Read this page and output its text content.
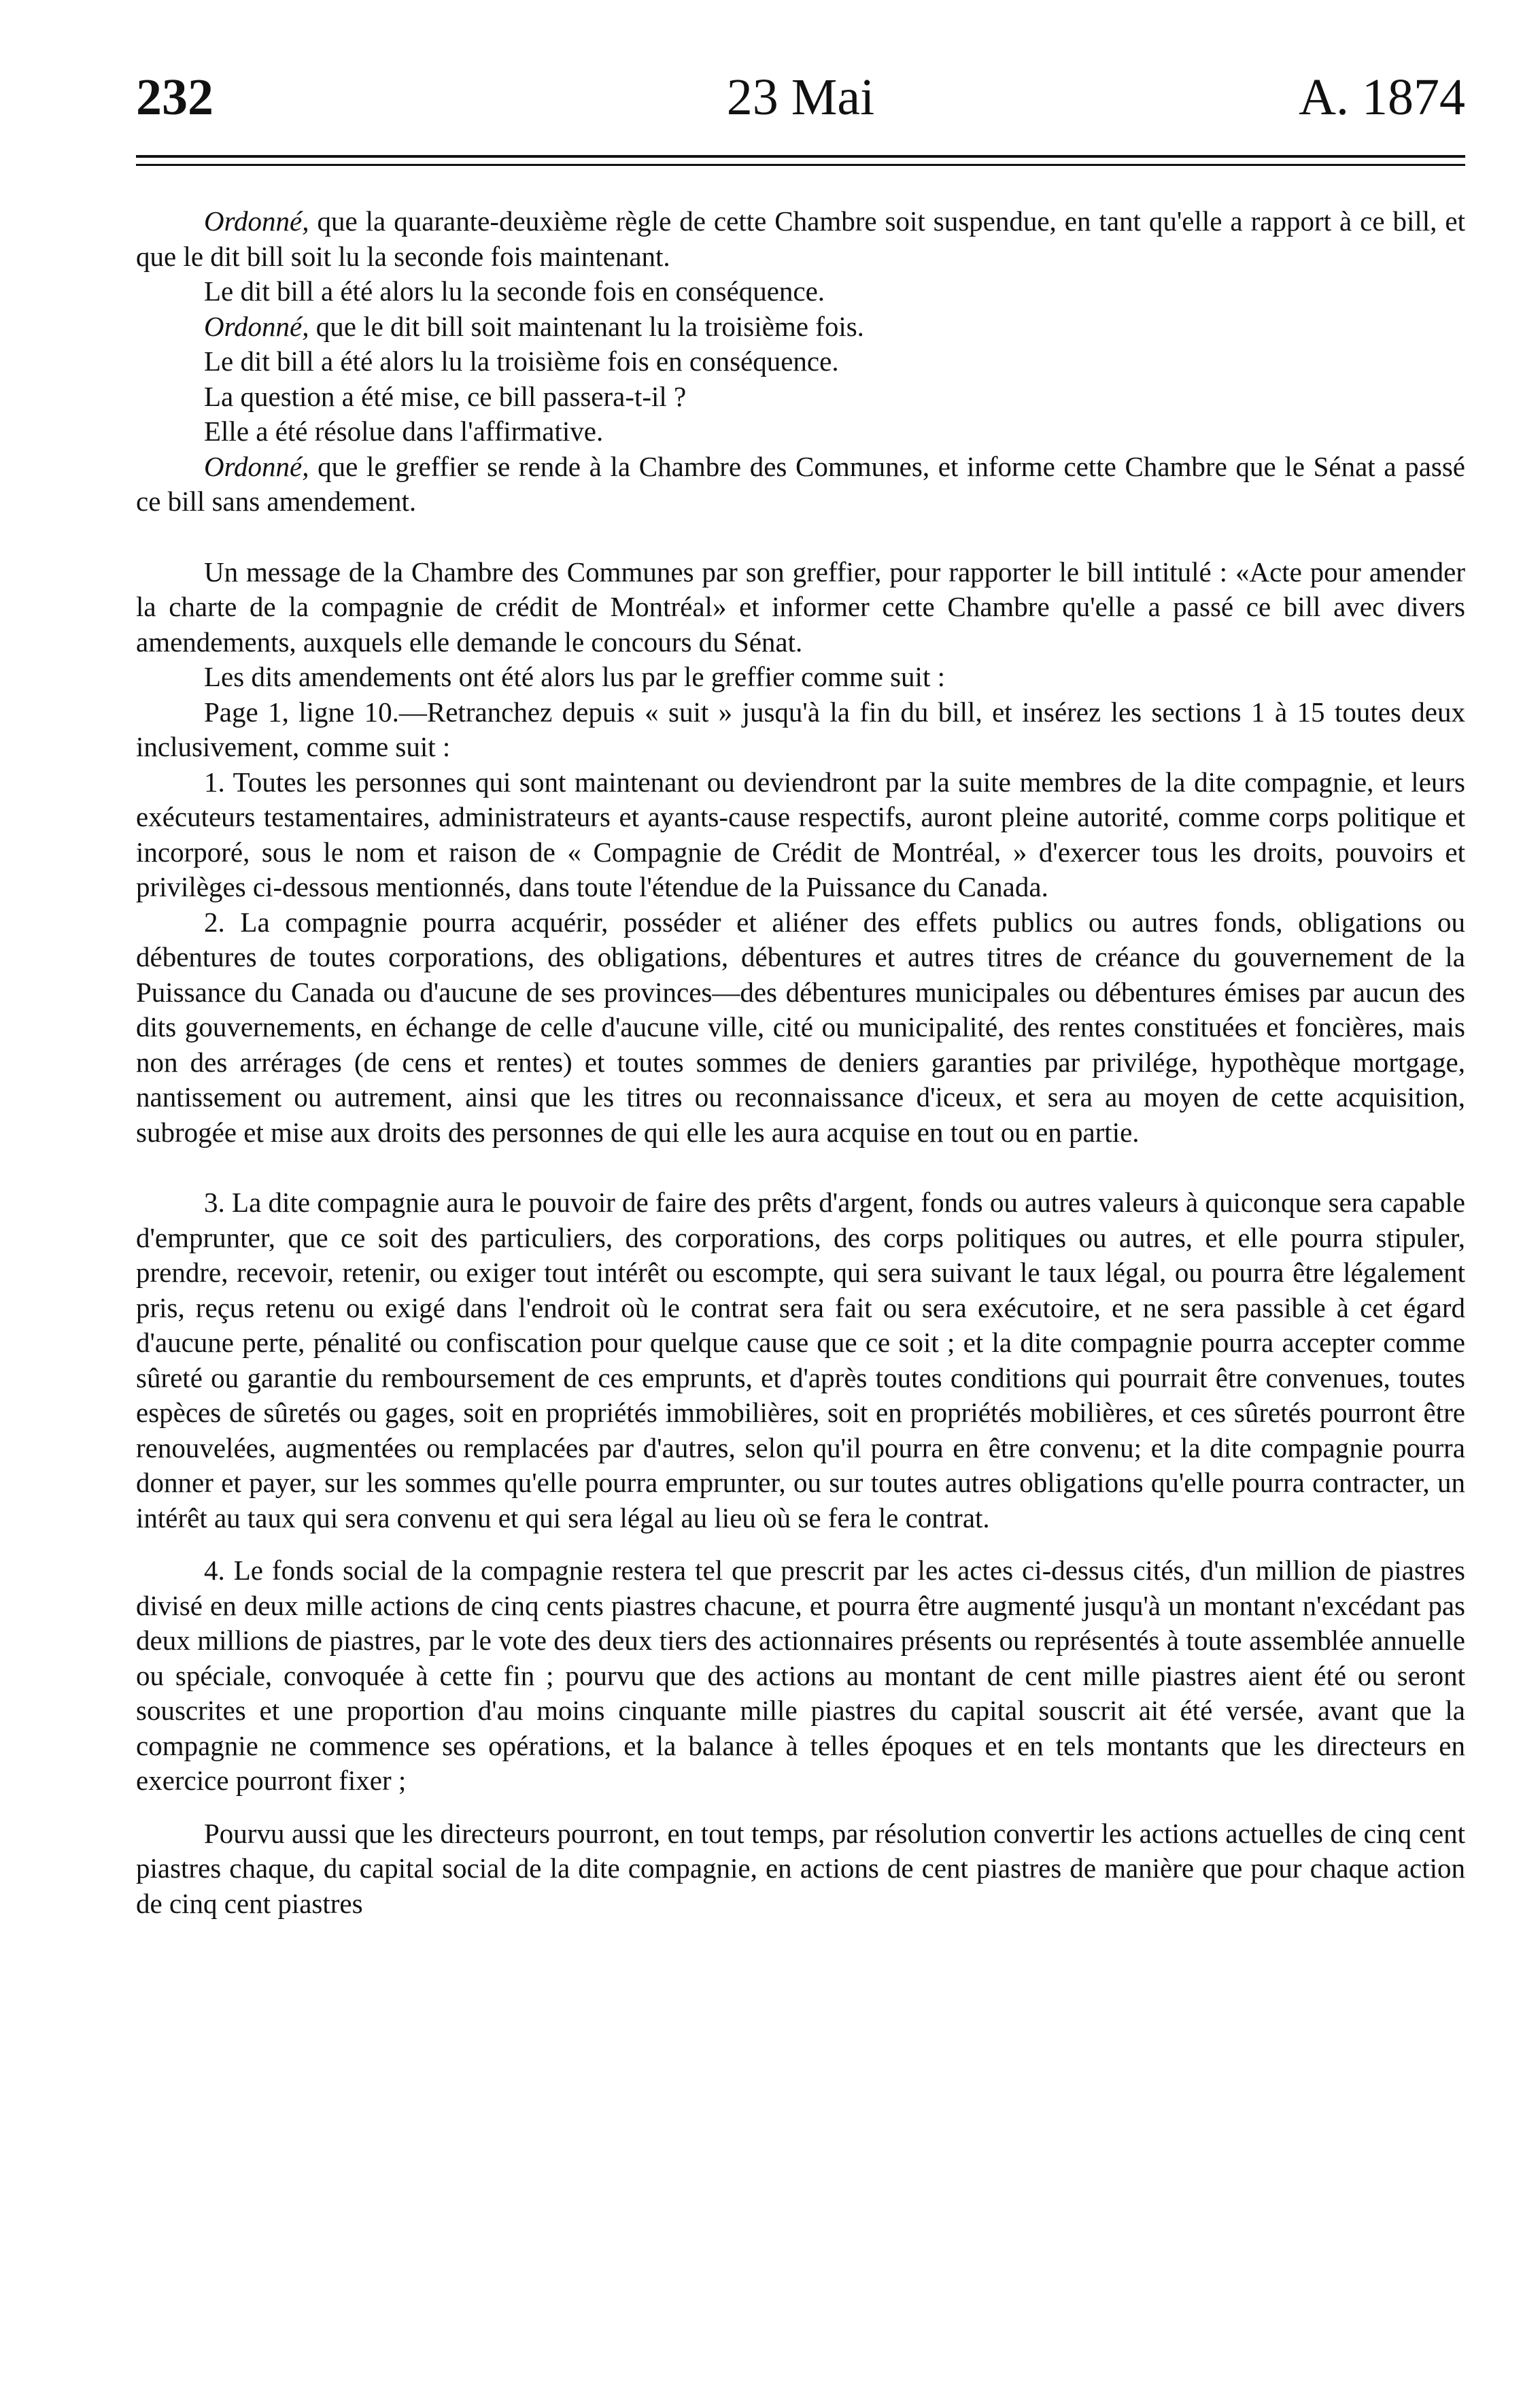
232	23 Mai	A. 1874

Ordonné, que la quarante-deuxième règle de cette Chambre soit suspendue, en tant qu'elle a rapport à ce bill, et que le dit bill soit lu la seconde fois maintenant.

Le dit bill a été alors lu la seconde fois en conséquence.

Ordonné, que le dit bill soit maintenant lu la troisième fois.

Le dit bill a été alors lu la troisième fois en conséquence.

La question a été mise, ce bill passera-t-il ?

Elle a été résolue dans l'affirmative.

Ordonné, que le greffier se rende à la Chambre des Communes, et informe cette Chambre que le Sénat a passé ce bill sans amendement.

Un message de la Chambre des Communes par son greffier, pour rapporter le bill intitulé : «Acte pour amender la charte de la compagnie de crédit de Montréal» et informer cette Chambre qu'elle a passé ce bill avec divers amendements, auxquels elle demande le concours du Sénat.

Les dits amendements ont été alors lus par le greffier comme suit :

Page 1, ligne 10.—Retranchez depuis « suit » jusqu'à la fin du bill, et insérez les sections 1 à 15 toutes deux inclusivement, comme suit :

1. Toutes les personnes qui sont maintenant ou deviendront par la suite membres de la dite compagnie, et leurs exécuteurs testamentaires, administrateurs et ayants-cause respectifs, auront pleine autorité, comme corps politique et incorporé, sous le nom et raison de « Compagnie de Crédit de Montréal, » d'exercer tous les droits, pouvoirs et privilèges ci-dessous mentionnés, dans toute l'étendue de la Puissance du Canada.

2. La compagnie pourra acquérir, posséder et aliéner des effets publics ou autres fonds, obligations ou débentures de toutes corporations, des obligations, débentures et autres titres de créance du gouvernement de la Puissance du Canada ou d'aucune de ses provinces—des débentures municipales ou débentures émises par aucun des dits gouvernements, en échange de celle d'aucune ville, cité ou municipalité, des rentes constituées et foncières, mais non des arrérages (de cens et rentes) et toutes sommes de deniers garanties par privilége, hypothèque mortgage, nantissement ou autrement, ainsi que les titres ou reconnaissance d'iceux, et sera au moyen de cette acquisition, subrogée et mise aux droits des personnes de qui elle les aura acquise en tout ou en partie.

3. La dite compagnie aura le pouvoir de faire des prêts d'argent, fonds ou autres valeurs à quiconque sera capable d'emprunter, que ce soit des particuliers, des corporations, des corps politiques ou autres, et elle pourra stipuler, prendre, recevoir, retenir, ou exiger tout intérêt ou escompte, qui sera suivant le taux légal, ou pourra être légalement pris, reçus retenu ou exigé dans l'endroit où le contrat sera fait ou sera exécutoire, et ne sera passible à cet égard d'aucune perte, pénalité ou confiscation pour quelque cause que ce soit ; et la dite compagnie pourra accepter comme sûreté ou garantie du remboursement de ces emprunts, et d'après toutes conditions qui pourrait être convenues, toutes espèces de sûretés ou gages, soit en propriétés immobilières, soit en propriétés mobilières, et ces sûretés pourront être renouvelées, augmentées ou remplacées par d'autres, selon qu'il pourra en être convenu; et la dite compagnie pourra donner et payer, sur les sommes qu'elle pourra emprunter, ou sur toutes autres obligations qu'elle pourra contracter, un intérêt au taux qui sera convenu et qui sera légal au lieu où se fera le contrat.

4. Le fonds social de la compagnie restera tel que prescrit par les actes ci-dessus cités, d'un million de piastres divisé en deux mille actions de cinq cents piastres chacune, et pourra être augmenté jusqu'à un montant n'excédant pas deux millions de piastres, par le vote des deux tiers des actionnaires présents ou représentés à toute assemblée annuelle ou spéciale, convoquée à cette fin ; pourvu que des actions au montant de cent mille piastres aient été ou seront souscrites et une proportion d'au moins cinquante mille piastres du capital souscrit ait été versée, avant que la compagnie ne commence ses opérations, et la balance à telles époques et en tels montants que les directeurs en exercice pourront fixer ;

Pourvu aussi que les directeurs pourront, en tout temps, par résolution convertir les actions actuelles de cinq cent piastres chaque, du capital social de la dite compagnie, en actions de cent piastres de manière que pour chaque action de cinq cent piastres
